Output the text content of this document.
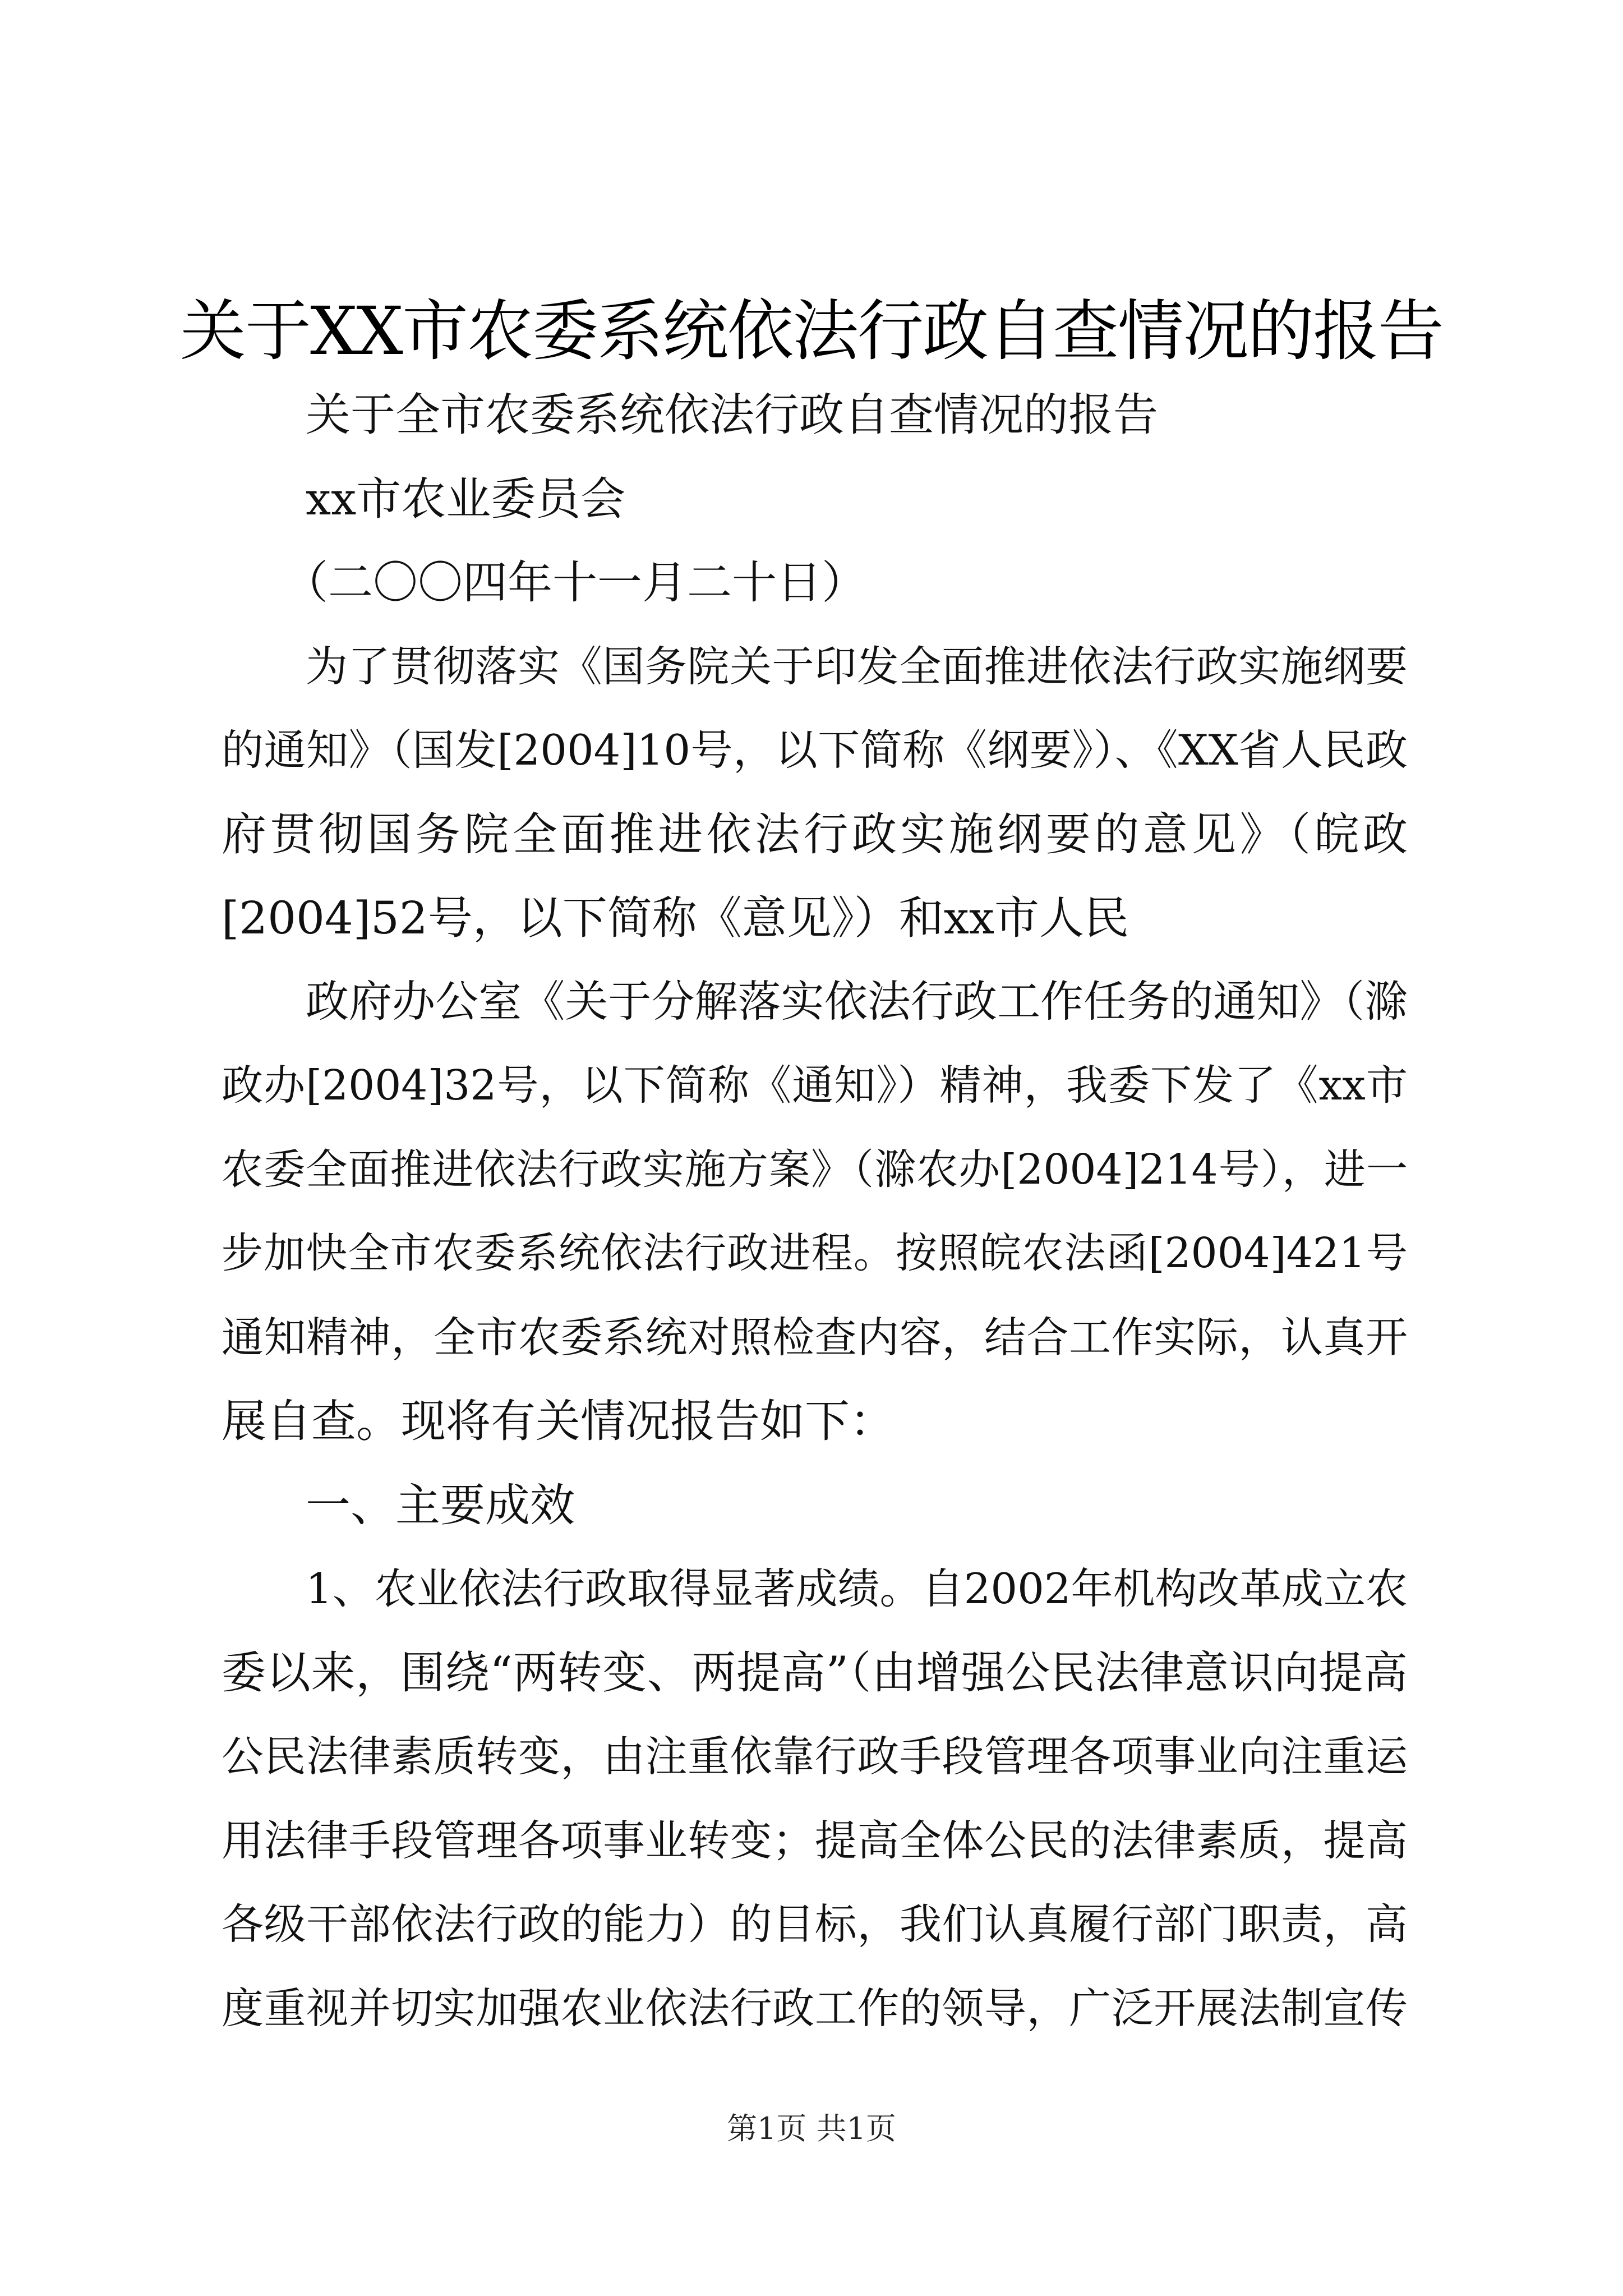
关于XX市农委系统依法行政自查情况的报告
关于全市农委系统依法行政自查情况的报告
xx市农业委员会
（二〇〇四年十一月二十日）
为了贯彻落实《国务院关于印发全面推进依法行政实施纲要
的通知》（国发[2004]10号，以下简称《纲要》）、《XX省人民政
府贯彻国务院全面推进依法行政实施纲要的意见》（皖政
[2004]52号，以下简称《意见》）和xx市人民
政府办公室《关于分解落实依法行政工作任务的通知》（滁
政办[2004]32号，以下简称《通知》）精神，我委下发了《xx市
农委全面推进依法行政实施方案》（滁农办[2004]214号），进一
步加快全市农委系统依法行政进程。按照皖农法函[2004]421号
通知精神，全市农委系统对照检查内容，结合工作实际，认真开
展自查。现将有关情况报告如下：
一、主要成效
1、农业依法行政取得显著成绩。自2002年机构改革成立农
委以来，围绕“两转变、两提高”（由增强公民法律意识向提高
公民法律素质转变，由注重依靠行政手段管理各项事业向注重运
用法律手段管理各项事业转变；提高全体公民的法律素质，提高
各级干部依法行政的能力）的目标，我们认真履行部门职责，高
度重视并切实加强农业依法行政工作的领导，广泛开展法制宣传
第1页 共1页
